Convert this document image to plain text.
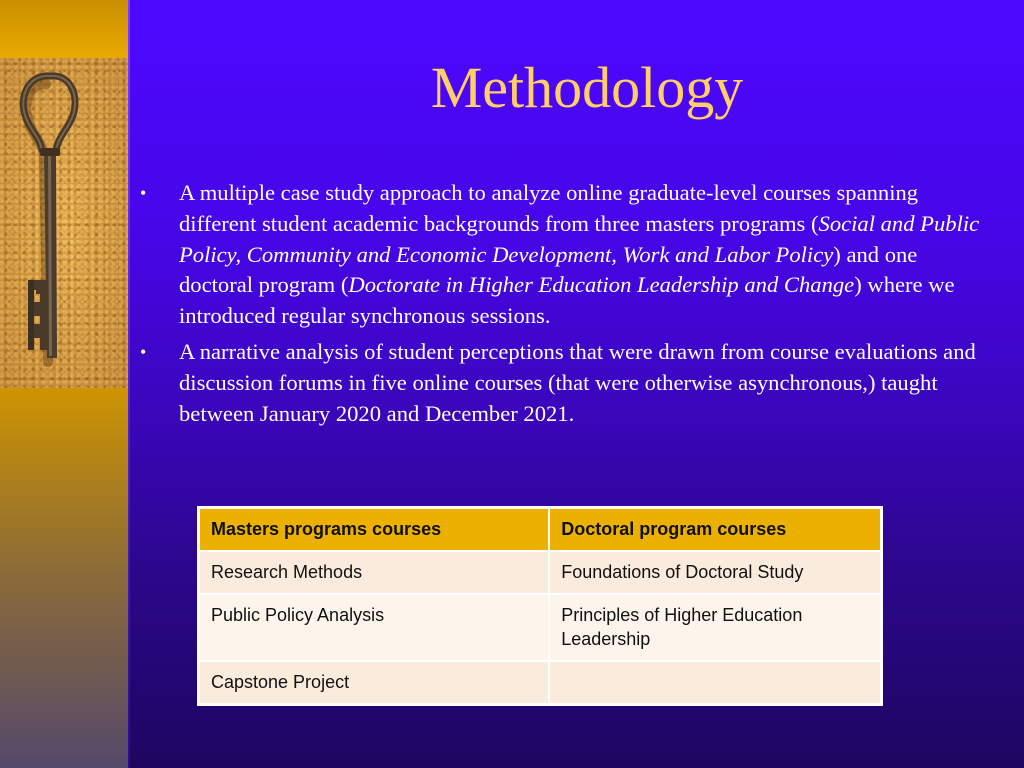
Methodology
•	A multiple case study approach to analyze online graduate-level courses spanning different student academic backgrounds from three masters programs (Social and Public Policy, Community and Economic Development, Work and Labor Policy) and one doctoral program (Doctorate in Higher Education Leadership and Change) where we introduced regular synchronous sessions.
•	A narrative analysis of student perceptions that were drawn from course evaluations and discussion forums in five online courses (that were otherwise asynchronous,) taught between January 2020 and December 2021.
Masters programs courses	Doctoral program courses
Research Methods	Foundations of Doctoral Study
Public Policy Analysis	Principles of Higher Education Leadership
Capstone Project	
